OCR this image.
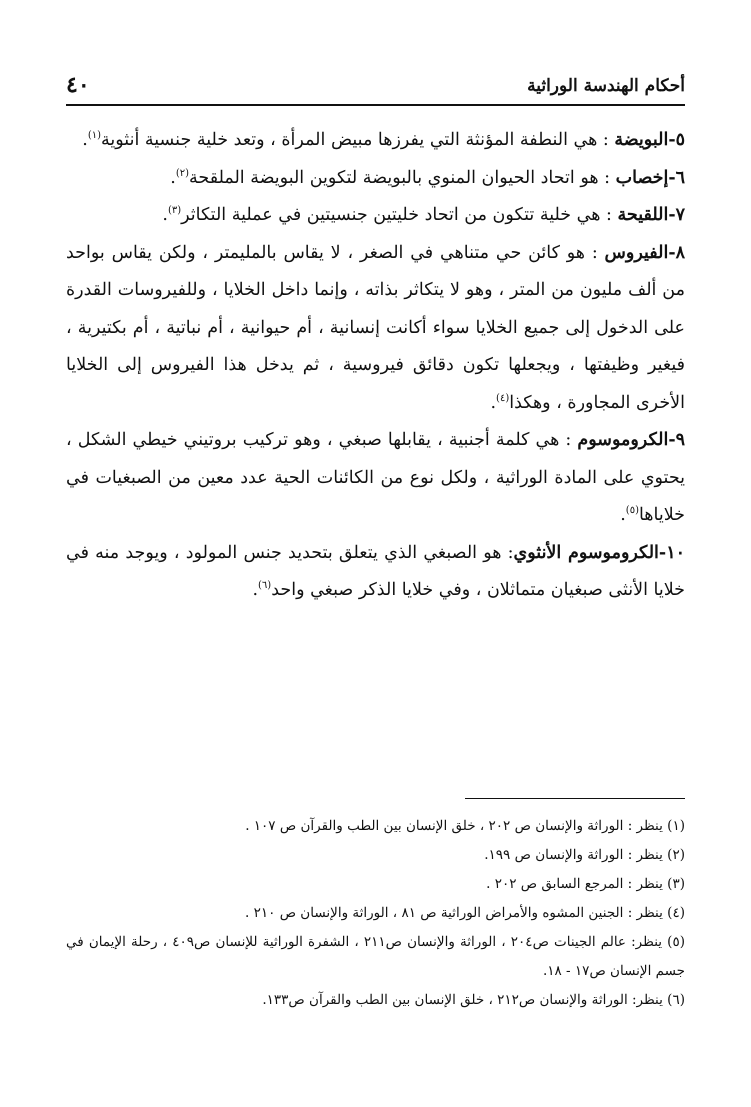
أحكام الهندسة الوراثية
٤٠

٥-البويضة : هي النطفة المؤنثة التي يفرزها مبيض المرأة ، وتعد خلية جنسية أنثوية$^{(١)}$.

٦-إخصاب : هو اتحاد الحيوان المنوي بالبويضة لتكوين البويضة الملقحة$^{(٢)}$.

٧-اللقيحة : هي خلية تتكون من اتحاد خليتين جنسيتين في عملية التكاثر$^{(٣)}$.

٨-الفيروس : هو كائن حي متناهي في الصغر ، لا يقاس بالمليمتر ، ولكن يقاس بواحد من ألف مليون من المتر ، وهو لا يتكاثر بذاته ، وإنما داخل الخلايا ، وللفيروسات القدرة على الدخول إلى جميع الخلايا سواء أكانت إنسانية ، أم حيوانية ، أم نباتية ، أم بكتيرية ، فيغير وظيفتها ، ويجعلها تكون دقائق فيروسية ، ثم يدخل هذا الفيروس إلى الخلايا الأخرى المجاورة ، وهكذا$^{(٤)}$.

٩-الكروموسوم : هي كلمة أجنبية ، يقابلها صبغي ، وهو تركيب بروتيني خيطي الشكل ، يحتوي على المادة الوراثية ، ولكل نوع من الكائنات الحية عدد معين من الصبغيات في خلاياها$^{(٥)}$.

١٠-الكروموسوم الأنثوي: هو الصبغي الذي يتعلق بتحديد جنس المولود ، ويوجد منه في خلايا الأنثى صبغيان متماثلان ، وفي خلايا الذكر صبغي واحد$^{(٦)}$.

(١) ينظر : الوراثة والإنسان ص ٢٠٢ ، خلق الإنسان بين الطب والقرآن ص ١٠٧ .

(٢) ينظر : الوراثة والإنسان ص ١٩٩.

(٣) ينظر : المرجع السابق ص ٢٠٢ .

(٤) ينظر : الجنين المشوه والأمراض الوراثية ص ٨١ ، الوراثة والإنسان ص ٢١٠ .

(٥) ينظر: عالم الجينات ص٢٠٤ ، الوراثة والإنسان ص٢١١ ، الشفرة الوراثية للإنسان ص٤٠٩ ، رحلة الإيمان في جسم الإنسان ص١٧ - ١٨.

(٦) ينظر: الوراثة والإنسان ص٢١٢ ، خلق الإنسان بين الطب والقرآن ص١٣٣.
